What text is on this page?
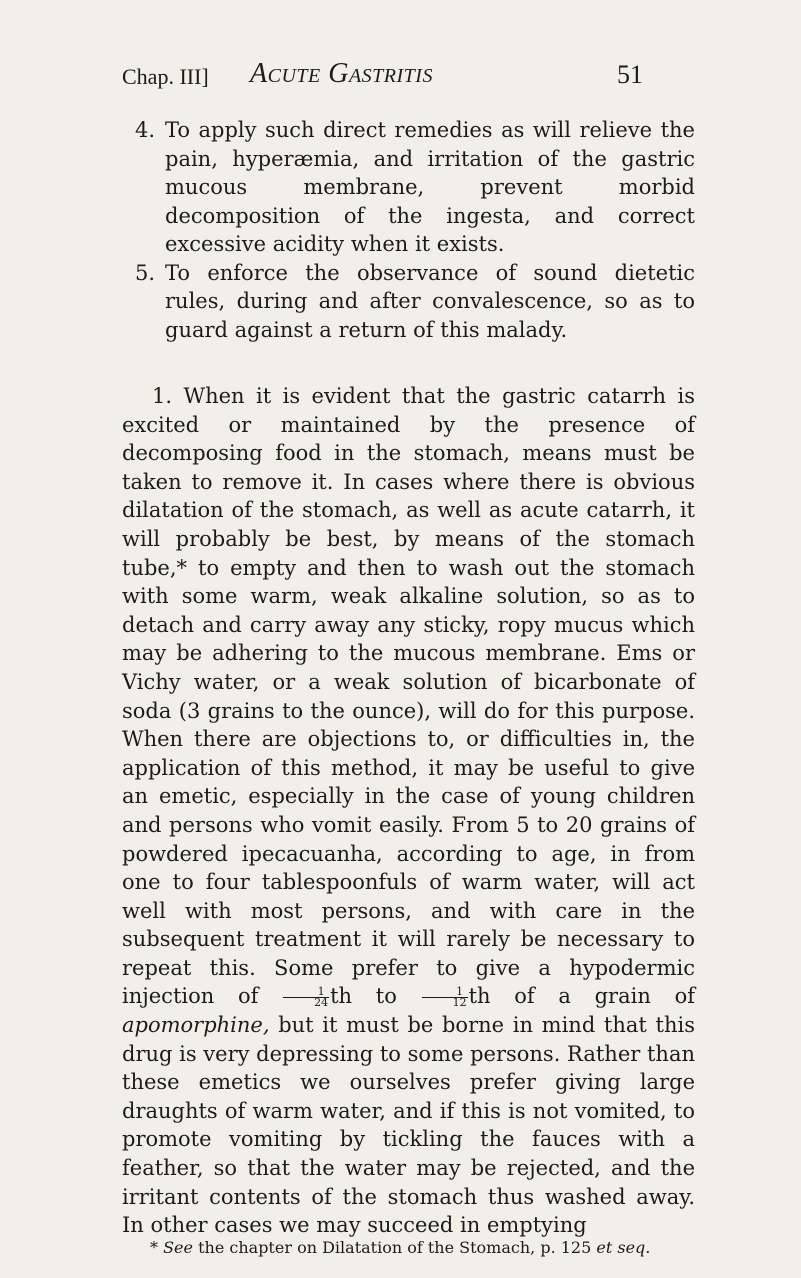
Chap. III] Acute Gastritis	51
4. To apply such direct remedies as will relieve the pain, hyperæmia, and irritation of the gastric mucous membrane, prevent morbid decomposition of the ingesta, and correct excessive acidity when it exists.

5. To enforce the observance of sound dietetic rules, during and after convalescence, so as to guard against a return of this malady.

1. When it is evident that the gastric catarrh is excited or maintained by the presence of decomposing food in the stomach, means must be taken to remove it. In cases where there is obvious dilatation of the stomach, as well as acute catarrh, it will probably be best, by means of the stomach tube,* to empty and then to wash out the stomach with some warm, weak alkaline solution, so as to detach and carry away any sticky, ropy mucus which may be adhering to the mucous membrane. Ems or Vichy water, or a weak solution of bicarbonate of soda (3 grains to the ounce), will do for this purpose. When there are objections to, or difficulties in, the application of this method, it may be useful to give an emetic, especially in the case of young children and persons who vomit easily. From 5 to 20 grains of powdered ipecacuanha, according to age, in from one to four tablespoonfuls of warm water, will act well with most persons, and with care in the subsequent treatment it will rarely be necessary to repeat this. Some prefer to give a hypodermic injection of $\frac{1}{24}$ th to $\frac{1}{12}$ th of a grain of apomorphine, but it must be borne in mind that this drug is very depressing to some persons. Rather than these emetics we ourselves prefer giving large draughts of warm water, and if this is not vomited, to promote vomiting by tickling the fauces with a feather, so that the water may be rejected, and the irritant contents of the stomach thus washed away. In other cases we may succeed in emptying

* See the chapter on Dilatation of the Stomach, p. 125 et seq.
